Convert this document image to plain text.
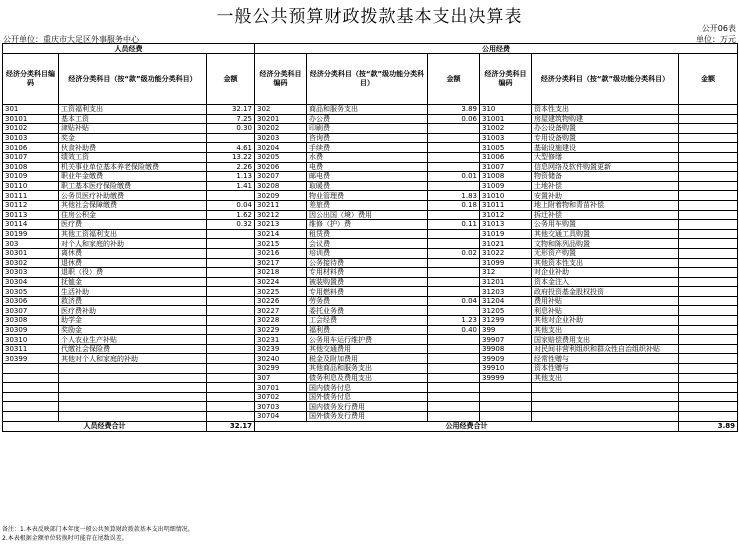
一般公共预算财政拨款基本支出决算表
公开06表
公开单位：重庆市大足区外事服务中心	单位：万元
人员经费			公用经费					
经济分类科目编码	经济分类科目（按“款”级功能分类科目）	金额	经济分类科目编码	经济分类科目（按“款”级功能分类科目）	金额	经济分类科目编码	经济分类科目（按“款”级功能分类科目）	金额
301	工资福利支出	32.17	302	商品和服务支出	3.89	310	资本性支出	
30101	基本工资	7.25	30201	办公费	0.06	31001	房屋建筑物购建	
30102	津贴补贴	0.30	30202	印刷费		31002	办公设备购置	
30103	奖金		30203	咨询费		31003	专用设备购置	
30106	伙食补助费	4.61	30204	手续费		31005	基础设施建设	
30107	绩效工资	13.22	30205	水费		31006	大型修缮	
30108	机关事业单位基本养老保险缴费	2.26	30206	电费		31007	信息网络及软件购置更新	
30109	职业年金缴费	1.13	30207	邮电费	0.01	31008	物资储备	
30110	职工基本医疗保险缴费	1.41	30208	取暖费		31009	土地补偿	
30111	公务员医疗补助缴费		30209	物业管理费	1.83	31010	安置补助	
30112	其他社会保障缴费	0.04	30211	差旅费	0.18	31011	地上附着物和青苗补偿	
30113	住房公积金	1.62	30212	因公出国（境）费用		31012	拆迁补偿	
30114	医疗费	0.32	30213	维修（护）费	0.11	31013	公务用车购置	
30199	其他工资福利支出		30214	租赁费		31019	其他交通工具购置	
303	对个人和家庭的补助		30215	会议费		31021	文物和陈列品购置	
30301	离休费		30216	培训费	0.02	31022	无形资产购置	
30302	退休费		30217	公务接待费		31099	其他资本性支出	
30303	退职（役）费		30218	专用材料费		312	对企业补助	
30304	抚恤金		30224	被装购置费		31201	资本金注入	
30305	生活补助		30225	专用燃料费		31203	政府投资基金股权投资	
30306	救济费		30226	劳务费	0.04	31204	费用补贴	
30307	医疗费补助		30227	委托业务费		31205	利息补贴	
30308	助学金		30228	工会经费	1.23	31299	其他对企业补助	
30309	奖励金		30229	福利费	0.40	399	其他支出	
30310	个人农业生产补贴		30231	公务用车运行维护费		39907	国家赔偿费用支出	
30311	代缴社会保险费		30239	其他交通费用		39908	对民间非营利组织和群众性自治组织补贴	
30399	其他对个人和家庭的补助		30240	税金及附加费用		39909	经常性赠与	
			30299	其他商品和服务支出		39910	资本性赠与	
			307	债务利息及费用支出		39999	其他支出	
			30701	国内债务付息				
			30702	国外债务付息				
			30703	国内债务发行费用				
			30704	国外债务发行费用				
人员经费合计		32.17	公用经费合计					3.89
备注：1.本表反映部门本年度一般公共预算财政拨款基本支出明细情况。
2.本表根据金额单位转换时可能存在尾数误差。
